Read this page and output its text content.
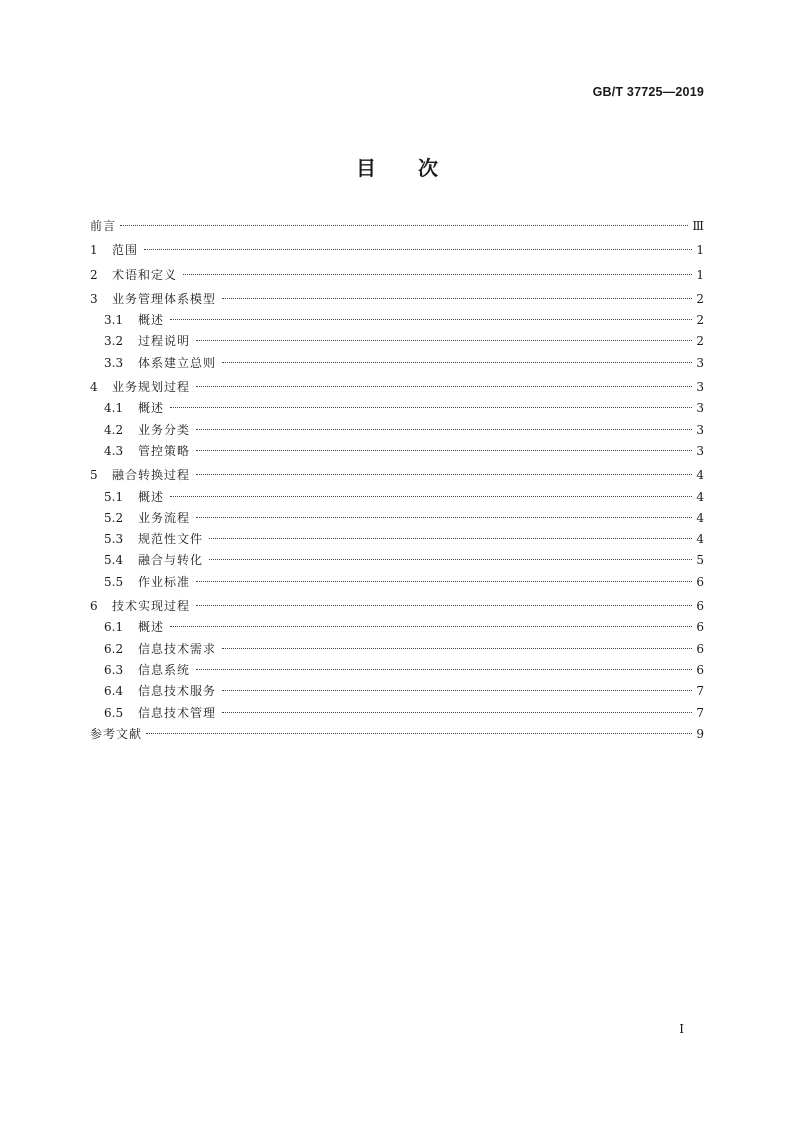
GB/T 37725—2019
目 次
前言	Ⅲ
1	范围	1
2	术语和定义	1
3	业务管理体系模型	2
3.1	概述	2
3.2	过程说明	2
3.3	体系建立总则	3
4	业务规划过程	3
4.1	概述	3
4.2	业务分类	3
4.3	管控策略	3
5	融合转换过程	4
5.1	概述	4
5.2	业务流程	4
5.3	规范性文件	4
5.4	融合与转化	5
5.5	作业标准	6
6	技术实现过程	6
6.1	概述	6
6.2	信息技术需求	6
6.3	信息系统	6
6.4	信息技术服务	7
6.5	信息技术管理	7
参考文献	9
I
